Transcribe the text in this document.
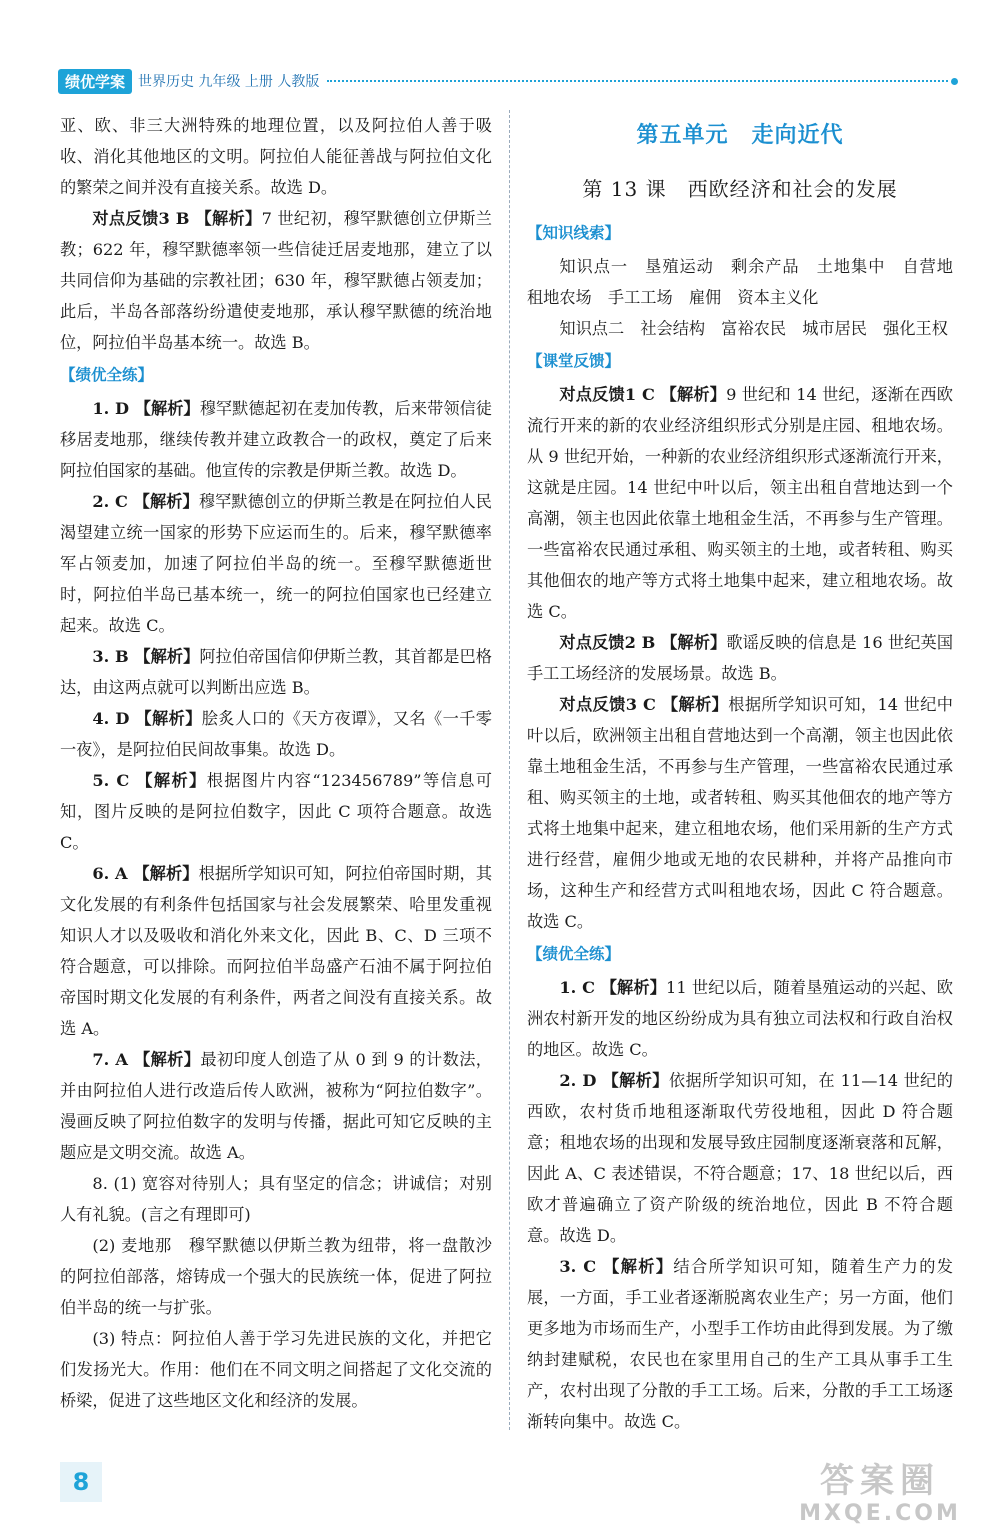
绩优学案 世界历史 九年级 上册 人教版

亚、欧、非三大洲特殊的地理位置，以及阿拉伯人善于吸收、消化其他地区的文明。阿拉伯人能征善战与阿拉伯文化的繁荣之间并没有直接关系。故选 D。

对点反馈3 B 【解析】7 世纪初，穆罕默德创立伊斯兰教；622 年，穆罕默德率领一些信徒迁居麦地那，建立了以共同信仰为基础的宗教社团；630 年，穆罕默德占领麦加；此后，半岛各部落纷纷遣使麦地那，承认穆罕默德的统治地位，阿拉伯半岛基本统一。故选 B。

【绩优全练】

1. D 【解析】穆罕默德起初在麦加传教，后来带领信徒移居麦地那，继续传教并建立政教合一的政权，奠定了后来阿拉伯国家的基础。他宣传的宗教是伊斯兰教。故选 D。

2. C 【解析】穆罕默德创立的伊斯兰教是在阿拉伯人民渴望建立统一国家的形势下应运而生的。后来，穆罕默德率军占领麦加，加速了阿拉伯半岛的统一。至穆罕默德逝世时，阿拉伯半岛已基本统一，统一的阿拉伯国家也已经建立起来。故选 C。

3. B 【解析】阿拉伯帝国信仰伊斯兰教，其首都是巴格达，由这两点就可以判断出应选 B。

4. D 【解析】脍炙人口的《天方夜谭》，又名《一千零一夜》，是阿拉伯民间故事集。故选 D。

5. C 【解析】根据图片内容“123456789”等信息可知，图片反映的是阿拉伯数字，因此 C 项符合题意。故选 C。

6. A 【解析】根据所学知识可知，阿拉伯帝国时期，其文化发展的有利条件包括国家与社会发展繁荣、哈里发重视知识人才以及吸收和消化外来文化，因此 B、C、D 三项不符合题意，可以排除。而阿拉伯半岛盛产石油不属于阿拉伯帝国时期文化发展的有利条件，两者之间没有直接关系。故选 A。

7. A 【解析】最初印度人创造了从 0 到 9 的计数法，并由阿拉伯人进行改造后传人欧洲，被称为“阿拉伯数字”。漫画反映了阿拉伯数字的发明与传播，据此可知它反映的主题应是文明交流。故选 A。

8. (1) 宽容对待别人；具有坚定的信念；讲诚信；对别人有礼貌。(言之有理即可)

(2) 麦地那　穆罕默德以伊斯兰教为纽带，将一盘散沙的阿拉伯部落，熔铸成一个强大的民族统一体，促进了阿拉伯半岛的统一与扩张。

(3) 特点：阿拉伯人善于学习先进民族的文化，并把它们发扬光大。作用：他们在不同文明之间搭起了文化交流的桥梁，促进了这些地区文化和经济的发展。

第五单元　走向近代
第 13 课　西欧经济和社会的发展
【知识线索】

知识点一　垦殖运动　剩余产品　土地集中　自营地　租地农场　手工工场　雇佣　资本主义化

知识点二　社会结构　富裕农民　城市居民　强化王权

【课堂反馈】

对点反馈1 C 【解析】9 世纪和 14 世纪，逐渐在西欧流行开来的新的农业经济组织形式分别是庄园、租地农场。从 9 世纪开始，一种新的农业经济组织形式逐渐流行开来，这就是庄园。14 世纪中叶以后，领主出租自营地达到一个高潮，领主也因此依靠土地租金生活，不再参与生产管理。一些富裕农民通过承租、购买领主的土地，或者转租、购买其他佃农的地产等方式将土地集中起来，建立租地农场。故选 C。

对点反馈2 B 【解析】歌谣反映的信息是 16 世纪英国手工工场经济的发展场景。故选 B。

对点反馈3 C 【解析】根据所学知识可知，14 世纪中叶以后，欧洲领主出租自营地达到一个高潮，领主也因此依靠土地租金生活，不再参与生产管理，一些富裕农民通过承租、购买领主的土地，或者转租、购买其他佃农的地产等方式将土地集中起来，建立租地农场，他们采用新的生产方式进行经营，雇佣少地或无地的农民耕种，并将产品推向市场，这种生产和经营方式叫租地农场，因此 C 符合题意。故选 C。

【绩优全练】

1. C 【解析】11 世纪以后，随着垦殖运动的兴起、欧洲农村新开发的地区纷纷成为具有独立司法权和行政自治权的地区。故选 C。

2. D 【解析】依据所学知识可知，在 11—14 世纪的西欧，农村货币地租逐渐取代劳役地租，因此 D 符合题意；租地农场的出现和发展导致庄园制度逐渐衰落和瓦解，因此 A、C 表述错误，不符合题意；17、18 世纪以后，西欧才普遍确立了资产阶级的统治地位，因此 B 不符合题意。故选 D。

3. C 【解析】结合所学知识可知，随着生产力的发展，一方面，手工业者逐渐脱离农业生产；另一方面，他们更多地为市场而生产，小型手工作坊由此得到发展。为了缴纳封建赋税，农民也在家里用自己的生产工具从事手工生产，农村出现了分散的手工工场。后来，分散的手工工场逐渐转向集中。故选 C。

8	答案圈
MXQE.COM
